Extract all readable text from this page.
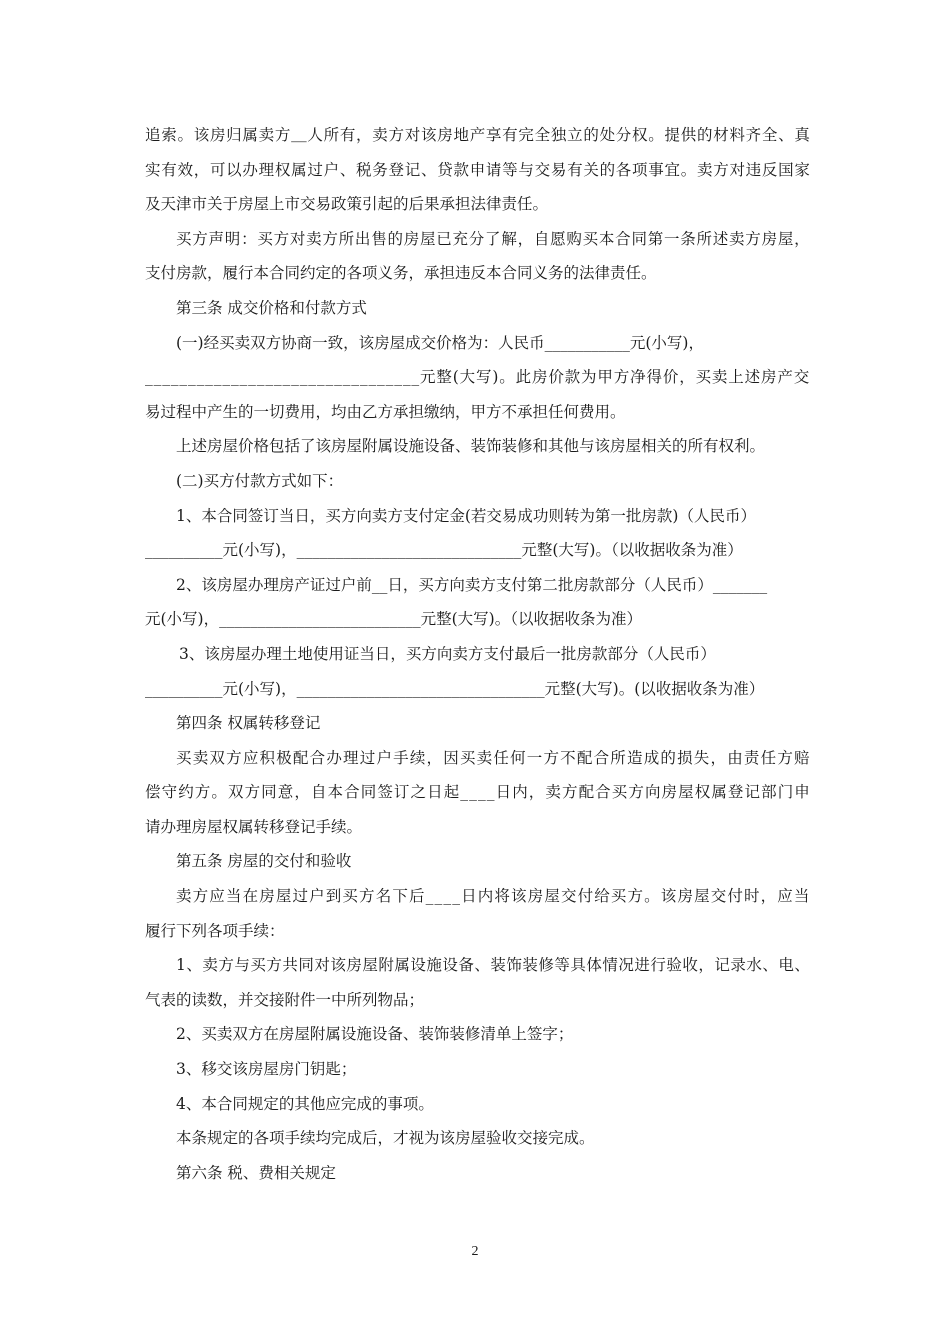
追 索 。 该 房 归 属 卖 方 ＿ 人 所 有 ， 卖 方 对 该 房 地 产 享 有 完 全 独 立 的 处 分 权 。 提 供 的 材 料 齐 全 、 真
实 有 效 ， 可 以 办 理 权 属 过 户 、 税 务 登 记 、 贷 款 申 请 等 与 交 易 有 关 的 各 项 事 宜 。 卖 方 对 违 反 国 家
及天津市关于房屋上市交易政策引起的后果承担法律责任。
买 方 声 明 ： 买 方 对 卖 方 所 出 售 的 房 屋 已 充 分 了 解 ， 自 愿 购 买 本 合 同 第 一 条 所 述 卖 方 房 屋 ，
支付房款，履行本合同约定的各项义务，承担违反本合同义务的法律责任。
第三条 成交价格和付款方式
(一)经买卖双方协商一致，该房屋成交价格为：人民币___________元(小写)，
_ _ _ _ _ _ _ _ _ _ _ _ _ _ _ _ _ _ _ _ _ _ _ _ _ _ _ _ _ _ _ _ 元 整 ( 大 写 ) 。 此 房 价 款 为 甲 方 净 得 价 ， 买 卖 上 述 房 产 交
易过程中产生的一切费用，均由乙方承担缴纳，甲方不承担任何费用。
上述房屋价格包括了该房屋附属设施设备、装饰装修和其他与该房屋相关的所有权利。
(二)买方付款方式如下：
1、本合同签订当日，买方向卖方支付定金(若交易成功则转为第一批房款)（人民币）
__________元(小写)，_____________________________元整(大写)。（以收据收条为准）
2、该房屋办理房产证过户前__日，买方向卖方支付第二批房款部分（人民币）_______
元(小写)，__________________________元整(大写)。（以收据收条为准）
3、该房屋办理土地使用证当日，买方向卖方支付最后一批房款部分（人民币）
__________元(小写)，________________________________元整(大写)。(以收据收条为准）
第四条 权属转移登记
买 卖 双 方 应 积 极 配 合 办 理 过 户 手 续 ， 因 买 卖 任 何 一 方 不 配 合 所 造 成 的 损 失 ， 由 责 任 方 赔
偿 守 约 方 。 双 方 同 意 ， 自 本 合 同 签 订 之 日 起 _ _ _ _ 日 内 ， 卖 方 配 合 买 方 向 房 屋 权 属 登 记 部 门 申
请办理房屋权属转移登记手续。
第五条 房屋的交付和验收
卖 方 应 当 在 房 屋 过 户 到 买 方 名 下 后 _ _ _ _ 日 内 将 该 房 屋 交 付 给 买 方 。 该 房 屋 交 付 时 ， 应 当
履行下列各项手续：
1 、 卖 方 与 买 方 共 同 对 该 房 屋 附 属 设 施 设 备 、 装 饰 装 修 等 具 体 情 况 进 行 验 收 ， 记 录 水 、 电 、
气表的读数，并交接附件一中所列物品；
2、买卖双方在房屋附属设施设备、装饰装修清单上签字；
3、移交该房屋房门钥匙；
4、本合同规定的其他应完成的事项。
本条规定的各项手续均完成后，才视为该房屋验收交接完成。
第六条 税、费相关规定
2
